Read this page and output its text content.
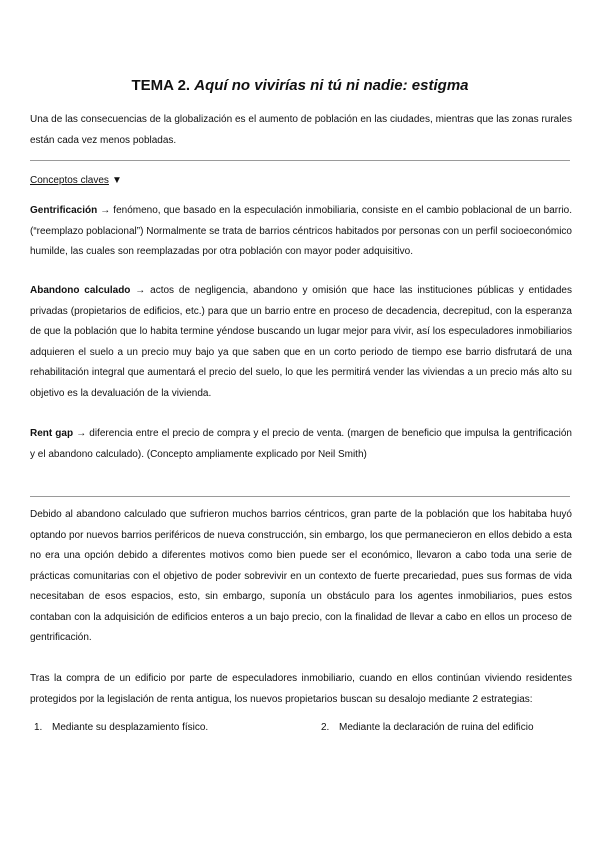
TEMA 2. Aquí no vivirías ni tú ni nadie: estigma
Una de las consecuencias de la globalización es el aumento de población en las ciudades, mientras que las zonas rurales están cada vez menos pobladas.
Conceptos claves ▼
Gentrificación → fenómeno, que basado en la especulación inmobiliaria, consiste en el cambio poblacional de un barrio. (“reemplazo poblacional”) Normalmente se trata de barrios céntricos habitados por personas con un perfil socioeconómico humilde, las cuales son reemplazadas por otra población con mayor poder adquisitivo.
Abandono calculado → actos de negligencia, abandono y omisión que hace las instituciones públicas y entidades privadas (propietarios de edificios, etc.) para que un barrio entre en proceso de decadencia, decrepitud, con la esperanza de que la población que lo habita termine yéndose buscando un lugar mejor para vivir, así los especuladores inmobiliarios adquieren el suelo a un precio muy bajo ya que saben que en un corto periodo de tiempo ese barrio disfrutará de una rehabilitación integral que aumentará el precio del suelo, lo que les permitirá vender las viviendas a un precio más alto su objetivo es la devaluación de la vivienda.
Rent gap → diferencia entre el precio de compra y el precio de venta. (margen de beneficio que impulsa la gentrificación y el abandono calculado). (Concepto ampliamente explicado por Neil Smith)
Debido al abandono calculado que sufrieron muchos barrios céntricos, gran parte de la población que los habitaba huyó optando por nuevos barrios periféricos de nueva construcción, sin embargo, los que permanecieron en ellos debido a esta no era una opción debido a diferentes motivos como bien puede ser el económico, llevaron a cabo toda una serie de prácticas comunitarias con el objetivo de poder sobrevivir en un contexto de fuerte precariedad, pues sus formas de vida necesitaban de esos espacios, esto, sin embargo, suponía un obstáculo para los agentes inmobiliarios, pues estos contaban con la adquisición de edificios enteros a un bajo precio, con la finalidad de llevar a cabo en ellos un proceso de gentrificación.
Tras la compra de un edificio por parte de especuladores inmobiliario, cuando en ellos continúan viviendo residentes protegidos por la legislación de renta antigua, los nuevos propietarios buscan su desalojo mediante 2 estrategias:
1. Mediante su desplazamiento físico.	2. Mediante la declaración de ruina del edificio
